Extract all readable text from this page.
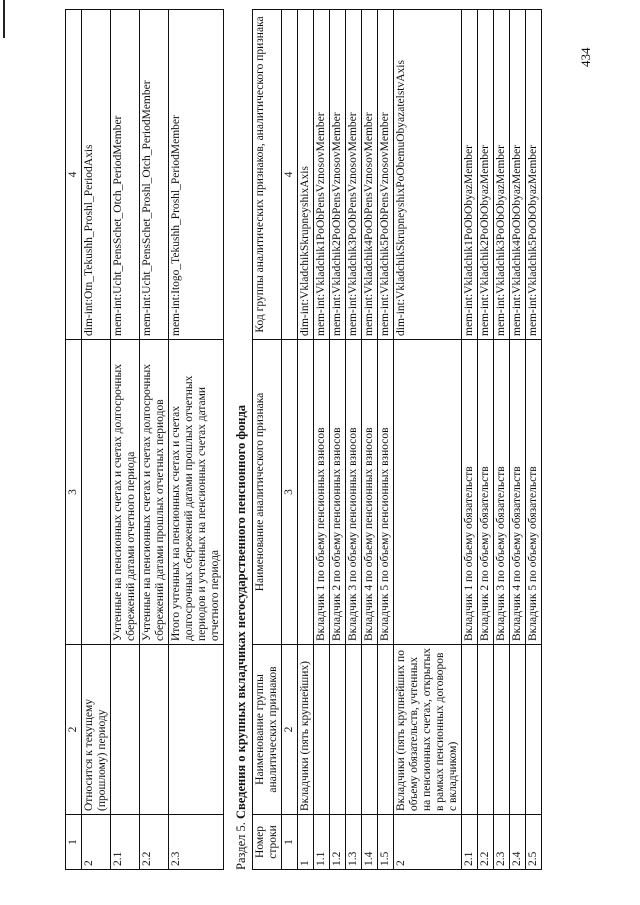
1	2	3	4
2	Относится к текущему (прошлому) периоду		dim-int:Otn_Tekushh_Proshl_PeriodAxis
2.1		Учтенные на пенсионных счетах и счетах долгосрочных сбережений датами отчетного периода	mem-int:Ucht_PensSchet_Otch_PeriodMember
2.2		Учтенные на пенсионных счетах и счетах долгосрочных сбережений датами прошлых отчетных периодов	mem-int:Ucht_PensSchet_Proshl_Otch_PeriodMember
2.3		Итого учтенных на пенсионных счетах и счетах долгосрочных сбережений датами прошлых отчетных периодов и учтенных на пенсионных счетах датами отчетного периода	mem-int:Itogo_Tekushh_Proshl_PeriodMember
Раздел 5. Сведения о крупных вкладчиках негосударственного пенсионного фонда
Номер строки	Наименование группы аналитических признаков	Наименование аналитического признака	Код группы аналитических признаков, аналитического признака
1	2	3	4
1	Вкладчики (пять крупнейших)		dim-int:VkladchikSkrupneyshixAxis
1.1		Вкладчик 1 по объему пенсионных взносов	mem-int:Vkladchik1PoObPensVznosovMember
1.2		Вкладчик 2 по объему пенсионных взносов	mem-int:Vkladchik2PoObPensVznosovMember
1.3		Вкладчик 3 по объему пенсионных взносов	mem-int:Vkladchik3PoObPensVznosovMember
1.4		Вкладчик 4 по объему пенсионных взносов	mem-int:Vkladchik4PoObPensVznosovMember
1.5		Вкладчик 5 по объему пенсионных взносов	mem-int:Vkladchik5PoObPensVznosovMember
2	Вкладчики (пять крупнейших по объему обязательств, учтенных на пенсионных счетах, открытых в рамках пенсионных договоров с вкладчиком)		dim-int:VkladchikSkrupneyshixPoObemuObyazatelstvAxis
2.1		Вкладчик 1 по объему обязательств	mem-int:Vkladchik1PoObObyazMember
2.2		Вкладчик 2 по объему обязательств	mem-int:Vkladchik2PoObObyazMember
2.3		Вкладчик 3 по объему обязательств	mem-int:Vkladchik3PoObObyazMember
2.4		Вкладчик 4 по объему обязательств	mem-int:Vkladchik4PoObObyazMember
2.5		Вкладчик 5 по объему обязательств	mem-int:Vkladchik5PoObObyazMember
434
